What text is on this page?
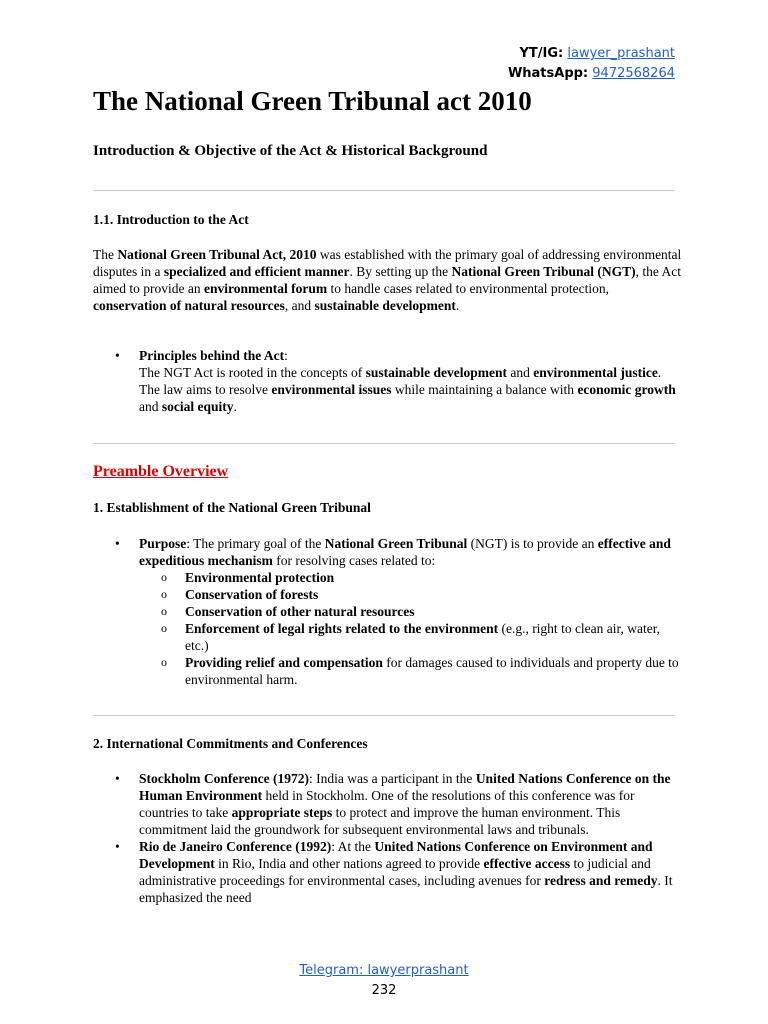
YT/IG: lawyer_prashant
WhatsApp: 9472568264
The National Green Tribunal act 2010
Introduction & Objective of the Act & Historical Background
1.1. Introduction to the Act

The National Green Tribunal Act, 2010 was established with the primary goal of addressing environmental disputes in a specialized and efficient manner. By setting up the National Green Tribunal (NGT), the Act aimed to provide an environmental forum to handle cases related to environmental protection, conservation of natural resources, and sustainable development.

• Principles behind the Act:
The NGT Act is rooted in the concepts of sustainable development and environmental justice. The law aims to resolve environmental issues while maintaining a balance with economic growth and social equity.
Preamble Overview
1. Establishment of the National Green Tribunal
• Purpose: The primary goal of the National Green Tribunal (NGT) is to provide an effective and expeditious mechanism for resolving cases related to:
o Environmental protection
o Conservation of forests
o Conservation of other natural resources
o Enforcement of legal rights related to the environment (e.g., right to clean air, water, etc.)
o Providing relief and compensation for damages caused to individuals and property due to environmental harm.
2. International Commitments and Conferences
• Stockholm Conference (1972): India was a participant in the United Nations Conference on the Human Environment held in Stockholm. One of the resolutions of this conference was for countries to take appropriate steps to protect and improve the human environment. This commitment laid the groundwork for subsequent environmental laws and tribunals.
• Rio de Janeiro Conference (1992): At the United Nations Conference on Environment and Development in Rio, India and other nations agreed to provide effective access to judicial and administrative proceedings for environmental cases, including avenues for redress and remedy. It emphasized the need
Telegram: lawyerprashant
232
